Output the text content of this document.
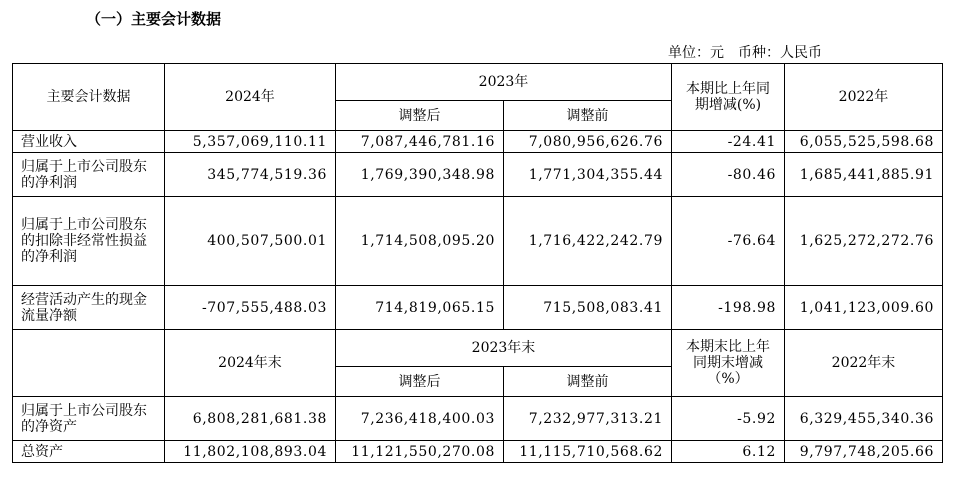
（一）主要会计数据
单位：元 币种：人民币
主要会计数据	2024年	2023年		本期比上年同期增减(%)	2022年
		调整后	调整前		
营业收入	5,357,069,110.11	7,087,446,781.16	7,080,956,626.76	-24.41	6,055,525,598.68
归属于上市公司股东的净利润	345,774,519.36	1,769,390,348.98	1,771,304,355.44	-80.46	1,685,441,885.91
归属于上市公司股东的扣除非经常性损益的净利润	400,507,500.01	1,714,508,095.20	1,716,422,242.79	-76.64	1,625,272,272.76
经营活动产生的现金流量净额	-707,555,488.03	714,819,065.15	715,508,083.41	-198.98	1,041,123,009.60
	2024年末	2023年末		本期末比上年同期末增减（%）	2022年末
		调整后	调整前		
归属于上市公司股东的净资产	6,808,281,681.38	7,236,418,400.03	7,232,977,313.21	-5.92	6,329,455,340.36
总资产	11,802,108,893.04	11,121,550,270.08	11,115,710,568.62	6.12	9,797,748,205.66
